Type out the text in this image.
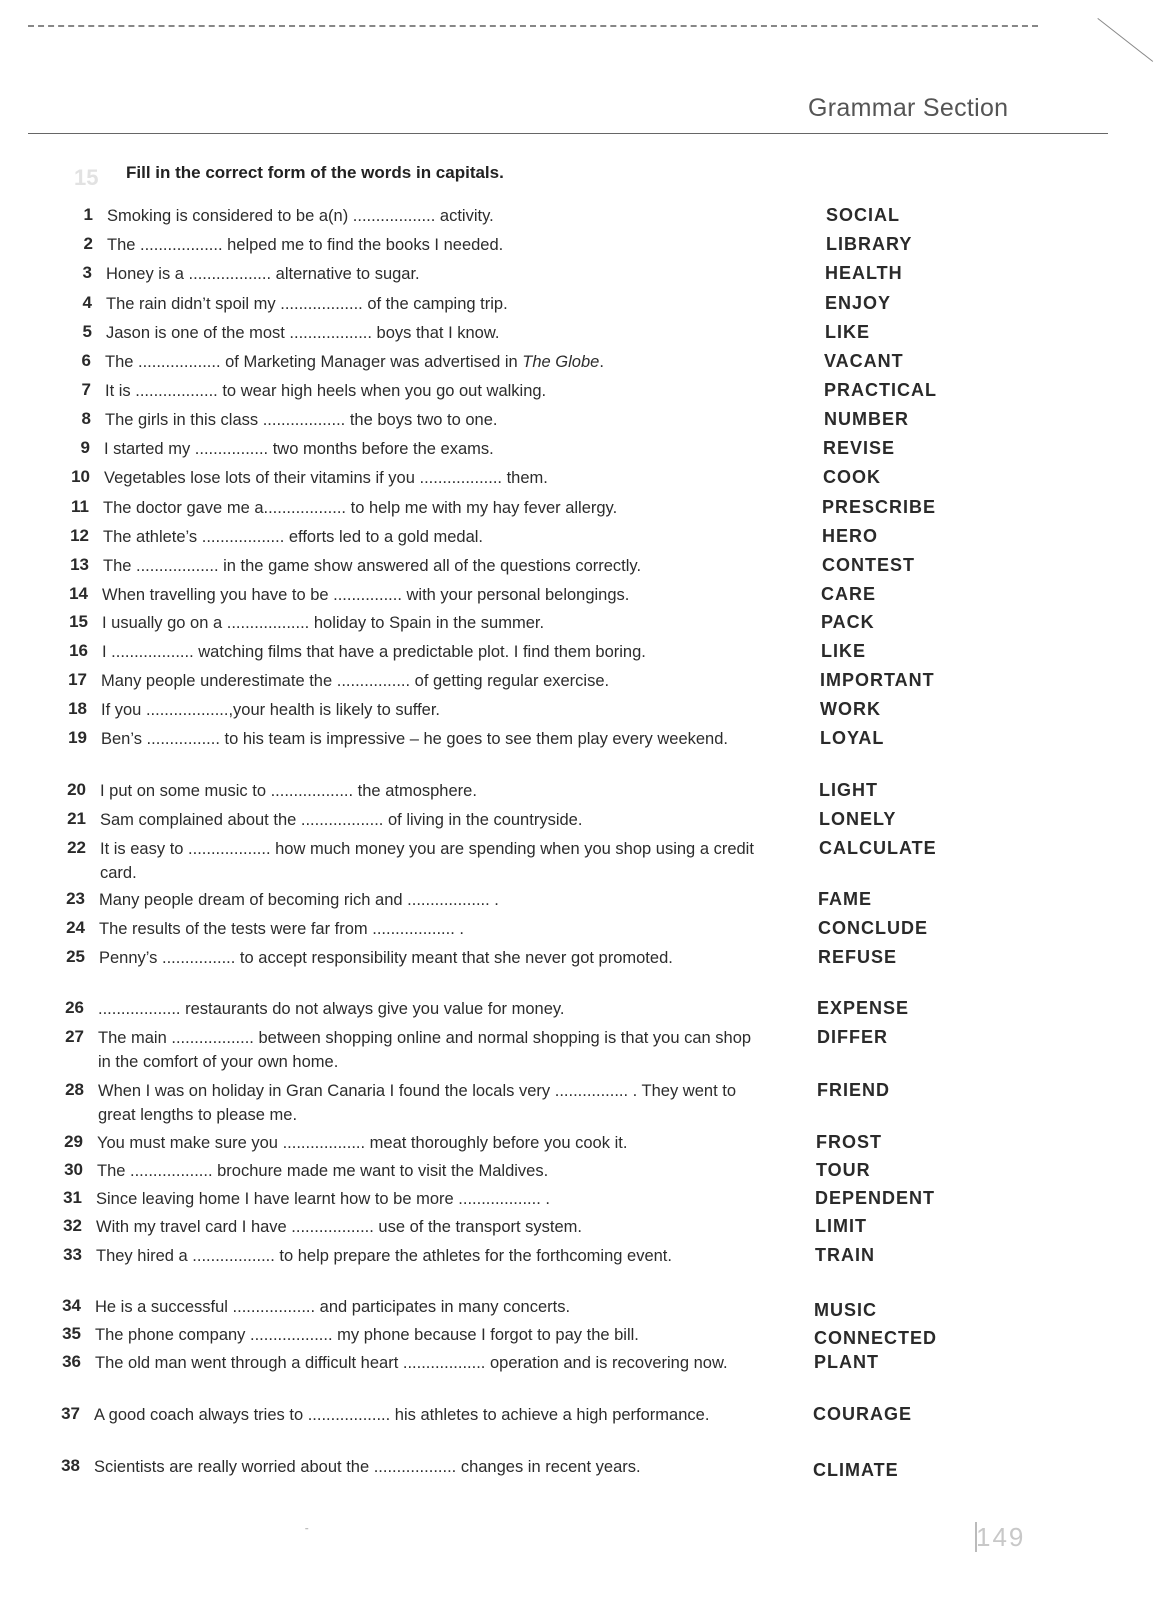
Grammar Section
15 Fill in the correct form of the words in capitals.
1 Smoking is considered to be a(n) .................. activity.	SOCIAL
2 The .................. helped me to find the books I needed.	LIBRARY
3 Honey is a .................. alternative to sugar.	HEALTH
4 The rain didn’t spoil my .................. of the camping trip.	ENJOY
5 Jason is one of the most .................. boys that I know.	LIKE
6 The .................. of Marketing Manager was advertised in The Globe.	VACANT
7 It is .................. to wear high heels when you go out walking.	PRACTICAL
8 The girls in this class .................. the boys two to one.	NUMBER
9 I started my ................ two months before the exams.	REVISE
10 Vegetables lose lots of their vitamins if you .................. them.	COOK
11 The doctor gave me a.................. to help me with my hay fever allergy.	PRESCRIBE
12 The athlete’s .................. efforts led to a gold medal.	HERO
13 The .................. in the game show answered all of the questions correctly.	CONTEST
14 When travelling you have to be ............... with your personal belongings.	CARE
15 I usually go on a .................. holiday to Spain in the summer.	PACK
16 I .................. watching films that have a predictable plot. I find them boring.	LIKE
17 Many people underestimate the ................ of getting regular exercise.	IMPORTANT
18 If you ..................,your health is likely to suffer.	WORK
19 Ben’s ................ to his team is impressive – he goes to see them play every weekend.	LOYAL
20 I put on some music to .................. the atmosphere.	LIGHT
21 Sam complained about the .................. of living in the countryside.	LONELY
22 It is easy to .................. how much money you are spending when you shop using a credit card.
CALCULATE
23 Many people dream of becoming rich and .................. .	FAME
24 The results of the tests were far from .................. .	CONCLUDE
25 Penny’s ................ to accept responsibility meant that she never got promoted.	REFUSE
26 .................. restaurants do not always give you value for money.	EXPENSE
27 The main .................. between shopping online and normal shopping is that you can shop in the comfort of your own home.
DIFFER
28 When I was on holiday in Gran Canaria I found the locals very ................ . They went to great lengths to please me.
FRIEND
29 You must make sure you .................. meat thoroughly before you cook it.	FROST
30 The .................. brochure made me want to visit the Maldives.	TOUR
31 Since leaving home I have learnt how to be more .................. .	DEPENDENT
32 With my travel card I have .................. use of the transport system.	LIMIT
33 They hired a .................. to help prepare the athletes for the forthcoming event.	TRAIN
34 He is a successful .................. and participates in many concerts.	MUSIC
35 The phone company .................. my phone because I forgot to pay the bill.	CONNECTED
36 The old man went through a difficult heart .................. operation and is recovering now.	PLANT
37 A good coach always tries to .................. his athletes to achieve a high performance.	COURAGE
38 Scientists are really worried about the .................. changes in recent years.	CLIMATE
149
ˉ
